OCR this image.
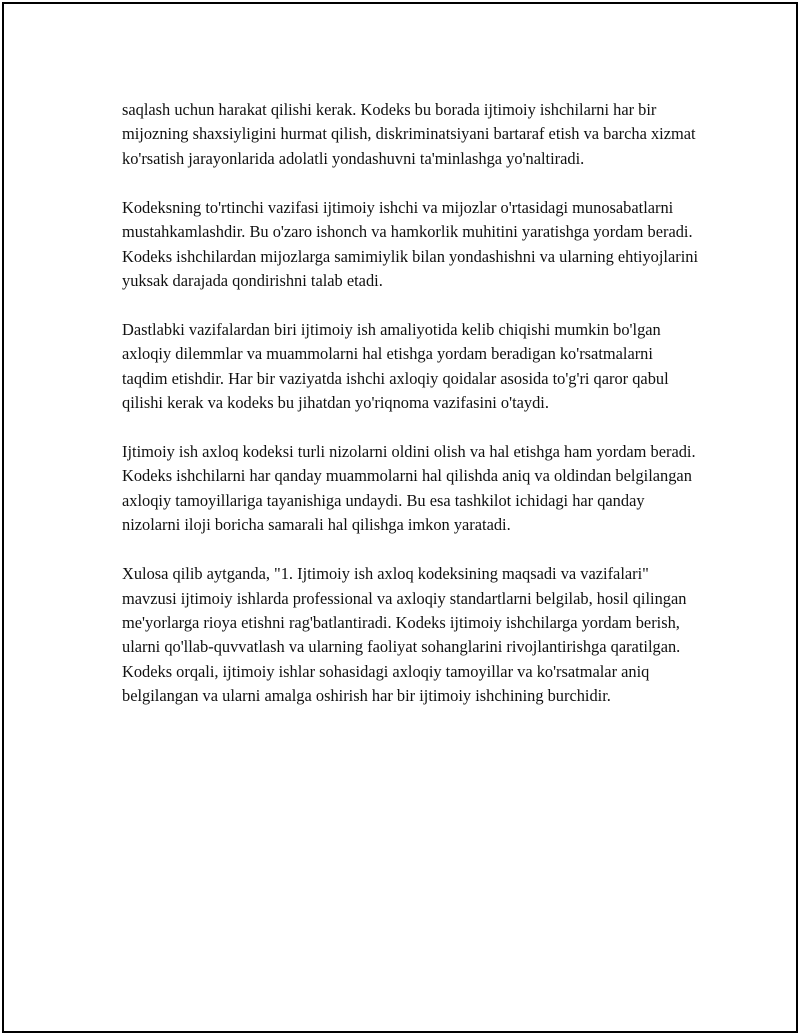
saqlash uchun harakat qilishi kerak. Kodeks bu borada ijtimoiy ishchilarni har bir mijozning shaxsiyligini hurmat qilish, diskriminatsiyani bartaraf etish va barcha xizmat ko'rsatish jarayonlarida adolatli yondashuvni ta'minlashga yo'naltiradi.

Kodeksning to'rtinchi vazifasi ijtimoiy ishchi va mijozlar o'rtasidagi munosabatlarni mustahkamlashdir. Bu o'zaro ishonch va hamkorlik muhitini yaratishga yordam beradi. Kodeks ishchilardan mijozlarga samimiylik bilan yondashishni va ularning ehtiyojlarini yuksak darajada qondirishni talab etadi.

Dastlabki vazifalardan biri ijtimoiy ish amaliyotida kelib chiqishi mumkin bo'lgan axloqiy dilemmlar va muammolarni hal etishga yordam beradigan ko'rsatmalarni taqdim etishdir. Har bir vaziyatda ishchi axloqiy qoidalar asosida to'g'ri qaror qabul qilishi kerak va kodeks bu jihatdan yo'riqnoma vazifasini o'taydi.

Ijtimoiy ish axloq kodeksi turli nizolarni oldini olish va hal etishga ham yordam beradi. Kodeks ishchilarni har qanday muammolarni hal qilishda aniq va oldindan belgilangan axloqiy tamoyillariga tayanishiga undaydi. Bu esa tashkilot ichidagi har qanday nizolarni iloji boricha samarali hal qilishga imkon yaratadi.

Xulosa qilib aytganda, "1. Ijtimoiy ish axloq kodeksining maqsadi va vazifalari" mavzusi ijtimoiy ishlarda professional va axloqiy standartlarni belgilab, hosil qilingan me'yorlarga rioya etishni rag'batlantiradi. Kodeks ijtimoiy ishchilarga yordam berish, ularni qo'llab-quvvatlash va ularning faoliyat sohanglarini rivojlantirishga qaratilgan. Kodeks orqali, ijtimoiy ishlar sohasidagi axloqiy tamoyillar va ko'rsatmalar aniq belgilangan va ularni amalga oshirish har bir ijtimoiy ishchining burchidir.
